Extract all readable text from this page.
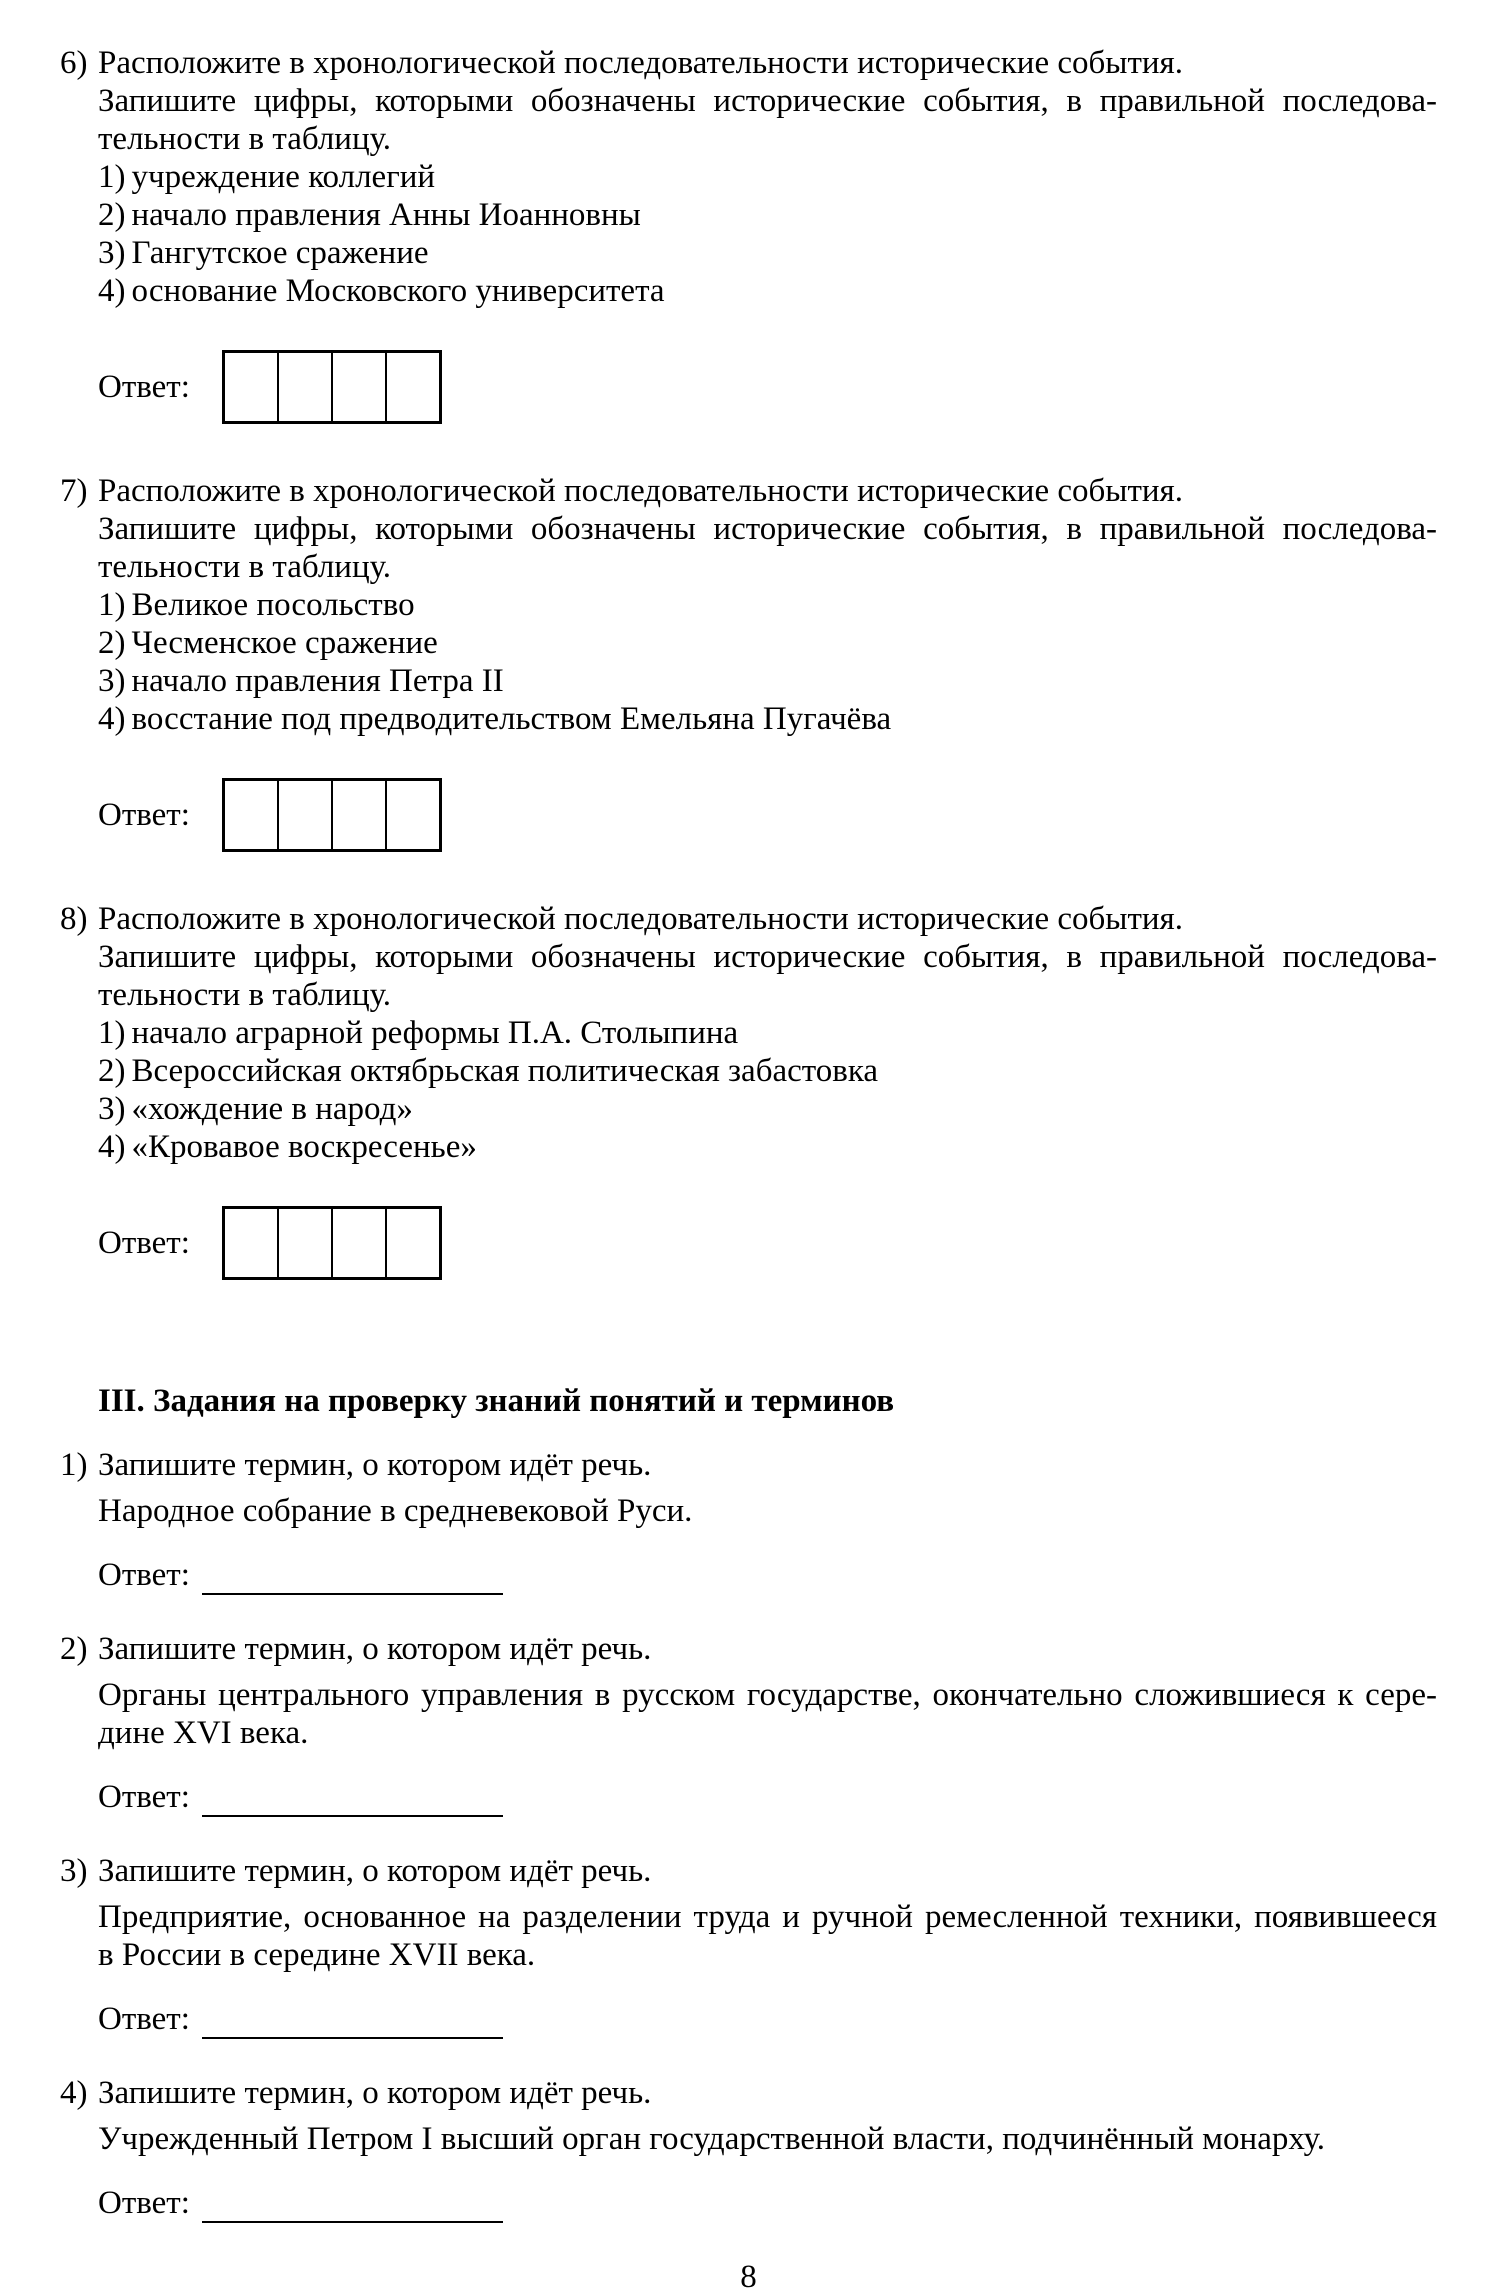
6) Расположите в хронологической последовательности исторические события.
Запишите цифры, которыми обозначены исторические события, в правильной последова-
тельности в таблицу.
1) учреждение коллегий
2) начало правления Анны Иоанновны
3) Гангутское сражение
4) основание Московского университета
Ответ:
7) Расположите в хронологической последовательности исторические события.
Запишите цифры, которыми обозначены исторические события, в правильной последова-
тельности в таблицу.
1) Великое посольство
2) Чесменское сражение
3) начало правления Петра II
4) восстание под предводительством Емельяна Пугачёва
Ответ:
8) Расположите в хронологической последовательности исторические события.
Запишите цифры, которыми обозначены исторические события, в правильной последова-
тельности в таблицу.
1) начало аграрной реформы П.А. Столыпина
2) Всероссийская октябрьская политическая забастовка
3) «хождение в народ»
4) «Кровавое воскресенье»
Ответ:
III. Задания на проверку знаний понятий и терминов
1) Запишите термин, о котором идёт речь.
Народное собрание в средневековой Руси.
Ответ:
2) Запишите термин, о котором идёт речь.
Органы центрального управления в русском государстве, окончательно сложившиеся к сере-
дине XVI века.
Ответ:
3) Запишите термин, о котором идёт речь.
Предприятие, основанное на разделении труда и ручной ремесленной техники, появившееся
в России в середине XVII века.
Ответ:
4) Запишите термин, о котором идёт речь.
Учрежденный Петром I высший орган государственной власти, подчинённый монарху.
Ответ:
8
